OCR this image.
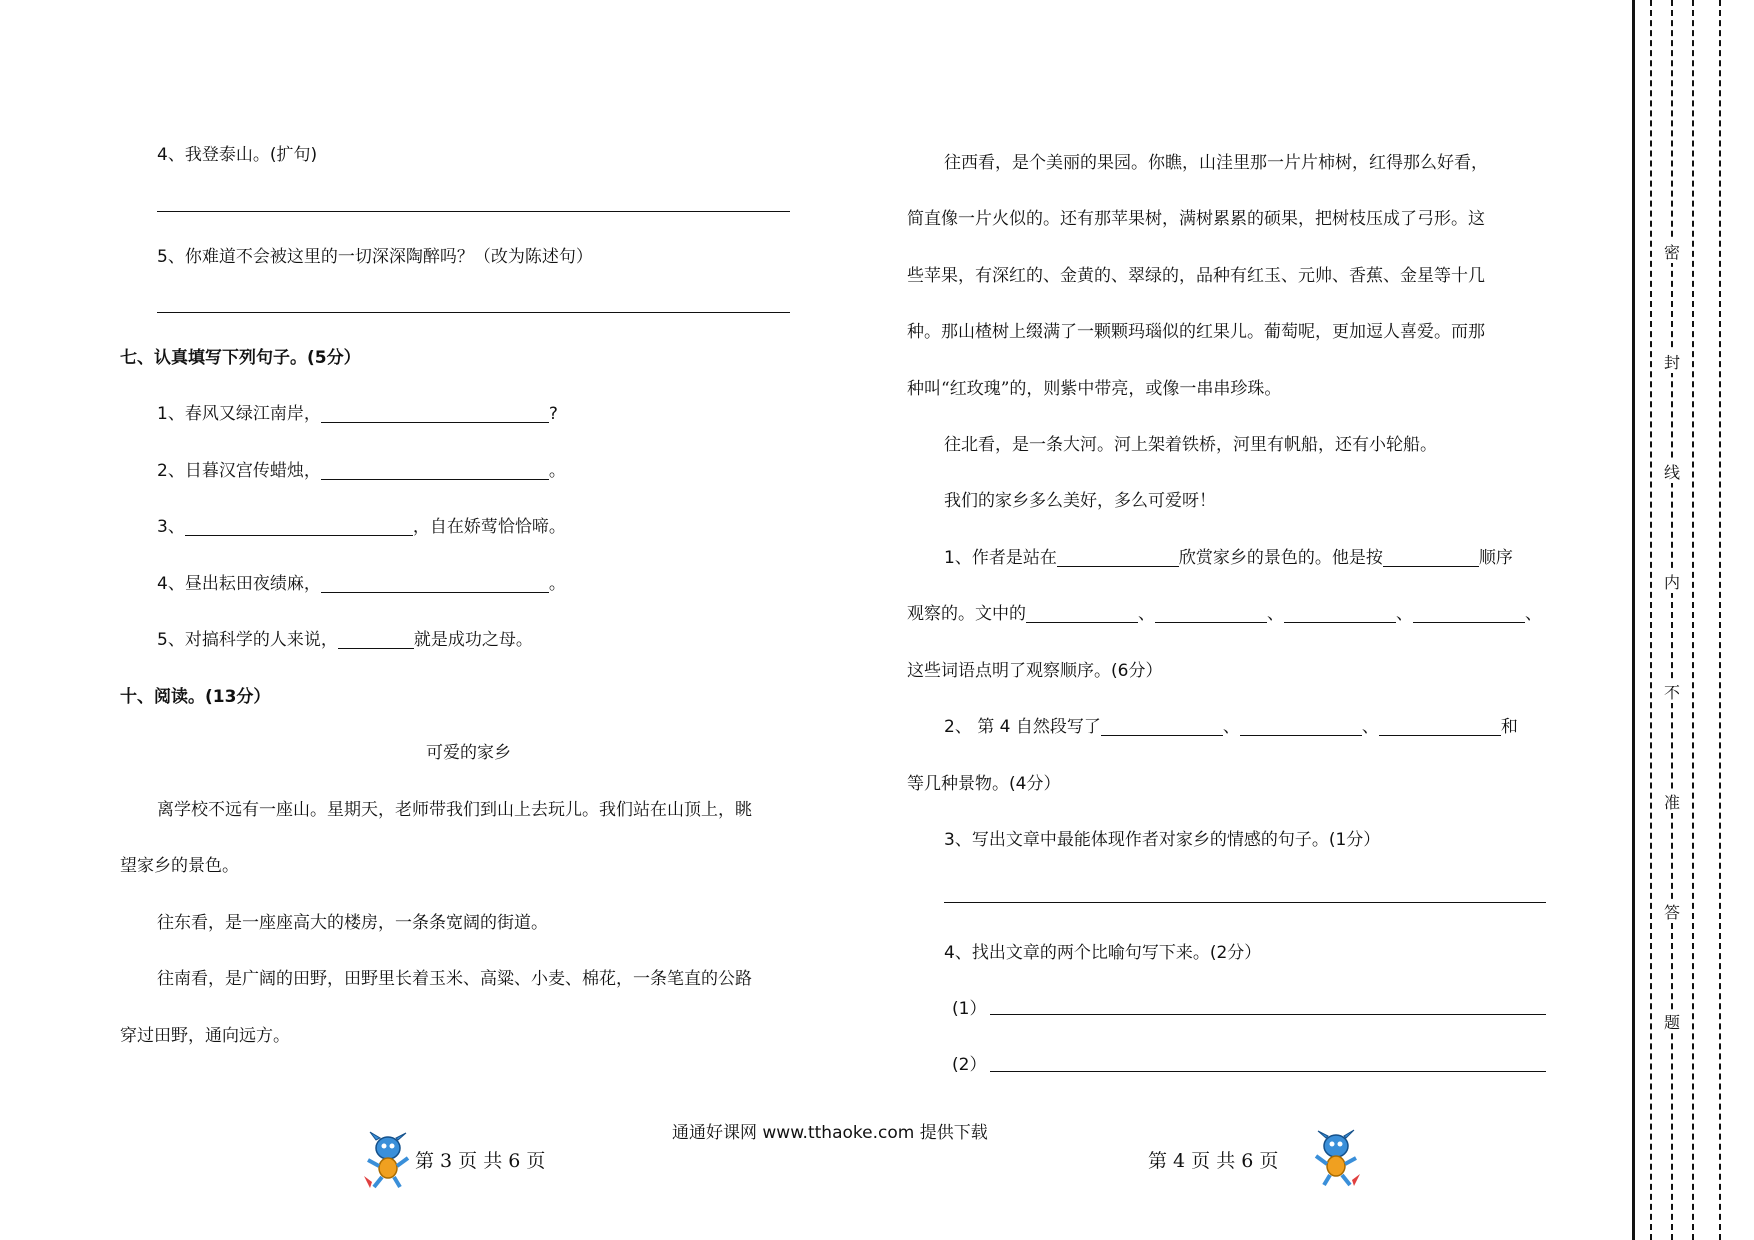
4、我登泰山。(扩句)
5、你难道不会被这里的一切深深陶醉吗？（改为陈述句）
七、认真填写下列句子。(5分）
1、春风又绿江南岸，	?
2、日暮汉宫传蜡烛，	。
3、	，自在娇莺恰恰啼。
4、昼出耘田夜绩麻，	。
5、对搞科学的人来说，	就是成功之母。
十、阅读。(13分）
可爱的家乡
离学校不远有一座山。星期天，老师带我们到山上去玩儿。我们站在山顶上，眺
望家乡的景色。
往东看，是一座座高大的楼房，一条条宽阔的街道。
往南看，是广阔的田野，田野里长着玉米、高粱、小麦、棉花，一条笔直的公路
穿过田野，通向远方。
往西看，是个美丽的果园。你瞧，山洼里那一片片柿树，红得那么好看，
简直像一片火似的。还有那苹果树，满树累累的硕果，把树枝压成了弓形。这
些苹果，有深红的、金黄的、翠绿的，品种有红玉、元帅、香蕉、金星等十几
种。那山楂树上缀满了一颗颗玛瑙似的红果儿。葡萄呢，更加逗人喜爱。而那
种叫“红玫瑰”的，则紫中带亮，或像一串串珍珠。
往北看，是一条大河。河上架着铁桥，河里有帆船，还有小轮船。
我们的家乡多么美好，多么可爱呀！
1、作者是站在	欣赏家乡的景色的。他是按	顺序
观察的。文中的	、	、	、	、
这些词语点明了观察顺序。(6分）
2、 第 4 自然段写了	、	、	和
等几种景物。(4分）
3、写出文章中最能体现作者对家乡的情感的句子。(1分）
4、找出文章的两个比喻句写下来。(2分）
(1）
(2）
通通好课网 www.tthaoke.com 提供下载
第 3 页 共 6 页	第 4 页 共 6 页
密
封
线
内
不
准
答
题
